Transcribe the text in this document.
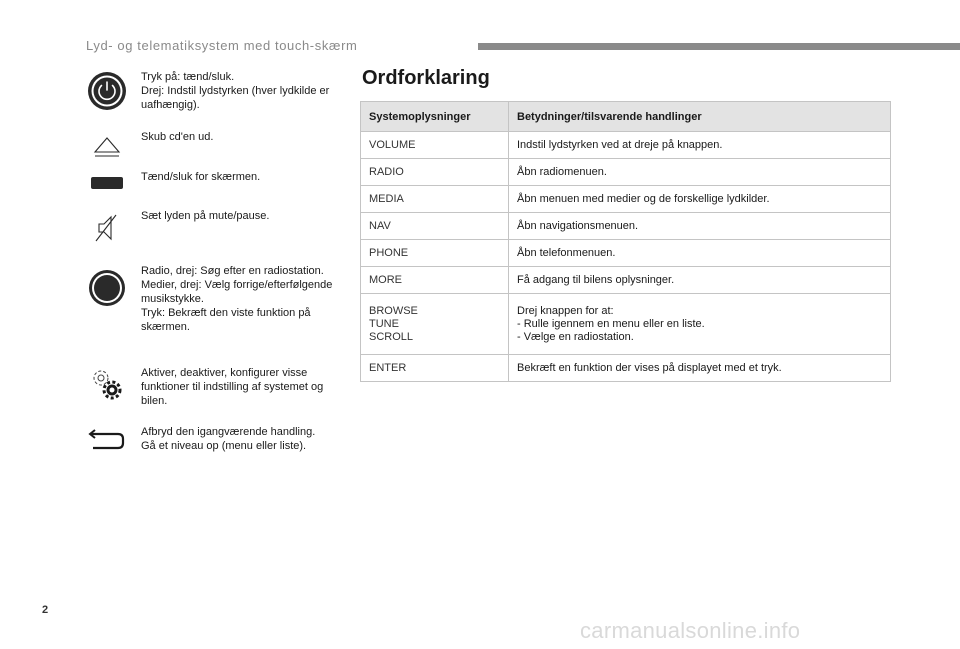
Lyd- og telematiksystem med touch-skærm
Tryk på: tænd/sluk.
Drej: Indstil lydstyrken (hver lydkilde er uafhængig).
Skub cd'en ud.
Tænd/sluk for skærmen.
Sæt lyden på mute/pause.
Radio, drej: Søg efter en radiostation.
Medier, drej: Vælg forrige/efterfølgende musikstykke.
Tryk: Bekræft den viste funktion på skærmen.
Aktiver, deaktiver, konfigurer visse funktioner til indstilling af systemet og bilen.
Afbryd den igangværende handling.
Gå et niveau op (menu eller liste).
Ordforklaring
Systemoplysninger	Betydninger/tilsvarende handlinger
VOLUME	Indstil lydstyrken ved at dreje på knappen.
RADIO	Åbn radiomenuen.
MEDIA	Åbn menuen med medier og de forskellige lydkilder.
NAV	Åbn navigationsmenuen.
PHONE	Åbn telefonmenuen.
MORE	Få adgang til bilens oplysninger.

BROWSE
TUNE
SCROLL	Drej knappen for at:
- Rulle igennem en menu eller en liste.
- Vælge en radiostation.

ENTER	Bekræft en funktion der vises på displayet med et tryk.
2
carmanualsonline.info
